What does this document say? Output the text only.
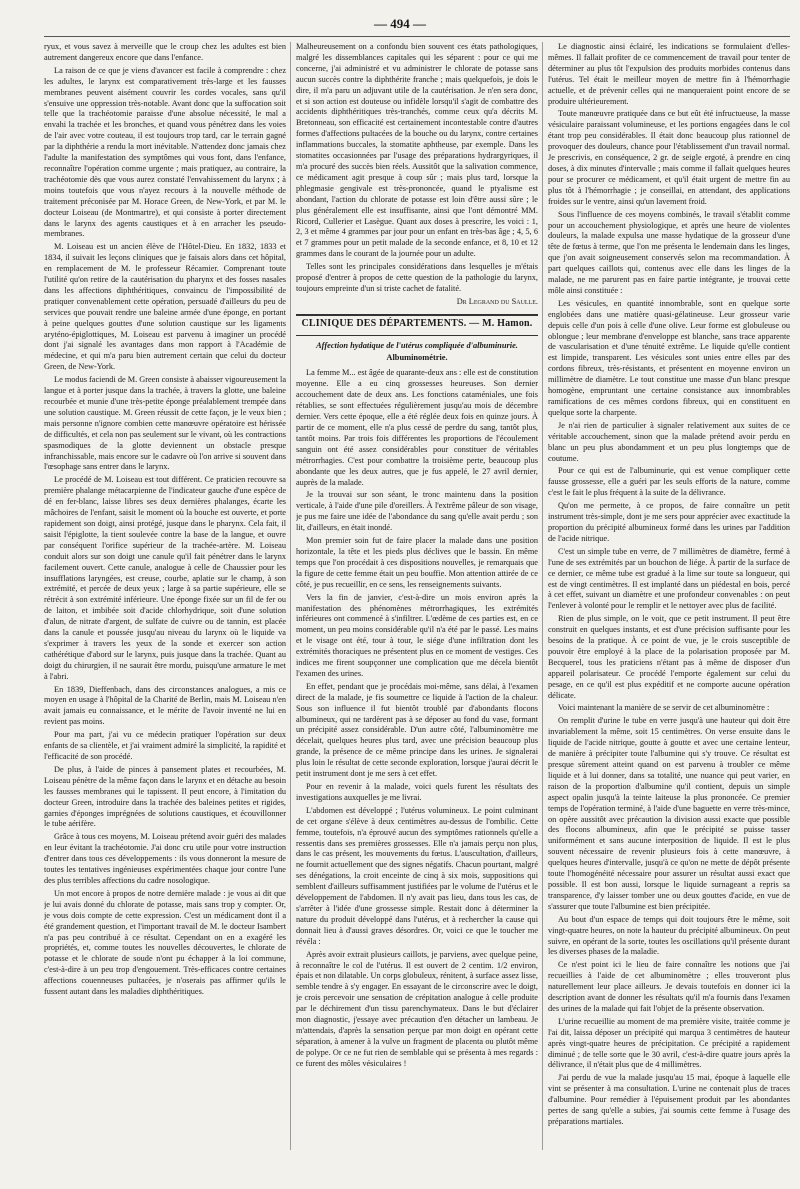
— 494 —

ryux, et vous savez à merveille que le croup chez les adultes est bien autrement dangereux encore que dans l'enfance.

La raison de ce que je viens d'avancer est facile à comprendre : chez les adultes, le larynx est comparativement très-large et les fausses membranes peuvent aisément couvrir les cordes vocales, sans qu'il s'ensuive une oppression très-notable. Avant donc que la suffocation soit telle que la trachéotomie paraisse d'une absolue nécessité, le mal a envahi la trachée et les bronches, et quand vous pénétrez dans les voies de l'air avec votre couteau, il est toujours trop tard, car le terrain gagné par la diphthérie a rendu la mort inévitable. N'attendez donc jamais chez l'adulte la manifestation des symptômes qui vous font, dans l'enfance, reconnaître l'opération comme urgente ; mais pratiquez, au contraire, la trachéotomie dès que vous aurez constaté l'envahissement du larynx ; à moins toutefois que vous n'ayez recours à la nouvelle méthode de traitement préconisée par M. Horace Green, de New-York, et par M. le docteur Loiseau (de Montmartre), et qui consiste à porter directement dans le larynx des agents caustiques et à en arracher les pseudo-membranes.

M. Loiseau est un ancien élève de l'Hôtel-Dieu. En 1832, 1833 et 1834, il suivait les leçons cliniques que je faisais alors dans cet hôpital, en remplacement de M. le professeur Récamier. Comprenant toute l'utilité qu'on retire de la cautérisation du pharynx et des fosses nasales dans les affections diphthéritiques, convaincu de l'impossibilité de pratiquer convenablement cette opération, persuadé d'ailleurs du peu de services que pouvait rendre une baleine armée d'une éponge, en portant à peine quelques gouttes d'une solution caustique sur les ligaments aryténo-épiglottiques, M. Loiseau est parvenu à imaginer un procédé dont j'ai signalé les avantages dans mon rapport à l'Académie de médecine, et qui m'a paru bien autrement certain que celui du docteur Green, de New-York.

Le modus faciendi de M. Green consiste à abaisser vigoureusement la langue et à porter jusque dans la trachée, à travers la glotte, une baleine recourbée et munie d'une très-petite éponge préalablement trempée dans une solution caustique. M. Green réussit de cette façon, je le veux bien ; mais personne n'ignore combien cette manœuvre opératoire est hérissée de difficultés, et cela non pas seulement sur le vivant, où les contractions spasmodiques de la glotte deviennent un obstacle presque infranchissable, mais encore sur le cadavre où l'on arrive si souvent dans l'œsophage sans entrer dans le larynx.

Le procédé de M. Loiseau est tout différent. Ce praticien recouvre sa première phalange métacarpienne de l'indicateur gauche d'une espèce de dé en fer-blanc, laisse libres ses deux dernières phalanges, écarte les mâchoires de l'enfant, saisit le moment où la bouche est ouverte, et porte rapidement son doigt, ainsi protégé, jusque dans le pharynx. Cela fait, il saisit l'épiglotte, la tient soulevée contre la base de la langue, et ouvre par conséquent l'orifice supérieur de la trachée-artère. M. Loiseau conduit alors sur son doigt une canule qu'il fait pénétrer dans le larynx facilement ouvert. Cette canule, analogue à celle de Chaussier pour les insufflations laryngées, est creuse, courbe, aplatie sur le champ, à son extrémité, et percée de deux yeux ; large à sa partie supérieure, elle se rétrécit à son extrémité inférieure. Une éponge fixée sur un fil de fer ou de laiton, et imbibée soit d'acide chlorhydrique, soit d'une solution d'alun, de nitrate d'argent, de sulfate de cuivre ou de tannin, est placée dans la canule et poussée jusqu'au niveau du larynx où le liquide va s'exprimer à travers les yeux de la sonde et exercer son action cathérétique d'abord sur le larynx, puis jusque dans la trachée. Quant au doigt du chirurgien, il ne saurait être mordu, puisqu'une armature le met à l'abri.

En 1839, Dieffenbach, dans des circonstances analogues, a mis ce moyen en usage à l'hôpital de la Charité de Berlin, mais M. Loiseau n'en avait jamais eu connaissance, et le mérite de l'avoir inventé ne lui en revient pas moins.

Pour ma part, j'ai vu ce médecin pratiquer l'opération sur deux enfants de sa clientèle, et j'ai vraiment admiré la simplicité, la rapidité et l'efficacité de son procédé.

De plus, à l'aide de pinces à pansement plates et recourbées, M. Loiseau pénètre de la même façon dans le larynx et en détache au besoin les fausses membranes qui le tapissent. Il peut encore, à l'imitation du docteur Green, introduire dans la trachée des baleines petites et rigides, garnies d'éponges imprégnées de solutions caustiques, et écouvillonner le tube aérifère.

Grâce à tous ces moyens, M. Loiseau prétend avoir guéri des malades en leur évitant la trachéotomie. J'ai donc cru utile pour votre instruction d'entrer dans tous ces développements : ils vous donneront la mesure de toutes les tentatives ingénieuses expérimentées chaque jour contre l'une des plus terribles affections du cadre nosologique.

Un mot encore à propos de notre dernière malade : je vous ai dit que je lui avais donné du chlorate de potasse, mais sans trop y compter. Or, je vous dois compte de cette expression. C'est un médicament dont il a été grandement question, et l'important travail de M. le docteur Isambert n'a pas peu contribué à ce résultat. Cependant on en a exagéré les propriétés, et, comme toutes les nouvelles découvertes, le chlorate de potasse et le chlorate de soude n'ont pu échapper à la loi commune, c'est-à-dire à un peu trop d'engouement. Très-efficaces contre certaines affections couenneuses pultacées, je n'oserais pas affirmer qu'ils le fussent autant dans les maladies diphthéritiques.

Malheureusement on a confondu bien souvent ces états pathologiques, malgré les dissemblances capitales qui les séparent : pour ce qui me concerne, j'ai administré et vu administrer le chlorate de potasse sans aucun succès contre la diphthérite franche ; mais quelquefois, je dois le dire, il m'a paru un adjuvant utile de la cautérisation. Je n'en sera donc, et si son action est douteuse ou infidèle lorsqu'il s'agit de combattre des accidents diphthéritiques très-tranchés, comme ceux qu'a décrits M. Bretonneau, son efficacité est certainement incontestable contre d'autres formes d'affections pultacées de la bouche ou du larynx, contre certaines inflammations buccales, la stomatite aphtheuse, par exemple. Dans les stomatites occasionnées par l'usage des préparations hydrargyriques, il m'a procuré des succès bien réels. Aussitôt que la salivation commence, ce médicament agit presque à coup sûr ; mais plus tard, lorsque la phlegmasie gengivale est très-prononcée, quand le ptyalisme est abondant, l'action du chlorate de potasse est loin d'être aussi sûre ; le plus généralement elle est insuffisante, ainsi que l'ont démontré MM. Ricord, Cullerier et Lasègue. Quant aux doses à prescrire, les voici : 1, 2, 3 et même 4 grammes par jour pour un enfant en très-bas âge ; 4, 5, 6 et 7 grammes pour un petit malade de la seconde enfance, et 8, 10 et 12 grammes dans le courant de la journée pour un adulte.

Telles sont les principales considérations dans lesquelles je m'étais proposé d'entrer à propos de cette question de la pathologie du larynx, toujours empreinte d'un si triste cachet de fatalité.

Dr Legrand du Saulle.

CLINIQUE DES DÉPARTEMENTS. — M. Hamon.
Affection hydatique de l'utérus compliquée d'albuminurie.
Albuminométrie.

La femme M... est âgée de quarante-deux ans : elle est de constitution moyenne. Elle a eu cinq grossesses heureuses. Son dernier accouchement date de deux ans. Les fonctions cataméniales, une fois rétablies, se sont effectuées régulièrement jusqu'au mois de décembre dernier. Vers cette époque, elle a été réglée deux fois en quinze jours. À partir de ce moment, elle n'a plus cessé de perdre du sang, tantôt plus, tantôt moins. Par trois fois différentes les proportions de l'écoulement sanguin ont été assez considérables pour constituer de véritables métrorrhagies. C'est pour combattre la troisième perte, beaucoup plus abondante que les deux autres, que je fus appelé, le 27 avril dernier, auprès de la malade.

Je la trouvai sur son séant, le tronc maintenu dans la position verticale, à l'aide d'une pile d'oreillers. À l'extrême pâleur de son visage, je pus me faire une idée de l'abondance du sang qu'elle avait perdu ; son lit, d'ailleurs, en était inondé.

Mon premier soin fut de faire placer la malade dans une position horizontale, la tête et les pieds plus déclives que le bassin. En même temps que l'on procédait à ces dispositions nouvelles, je remarquais que la figure de cette femme était un peu bouffie. Mon attention attirée de ce côté, je pus recueillir, en ce sens, les renseignements suivants.

Vers la fin de janvier, c'est-à-dire un mois environ après la manifestation des phénomènes métrorrhagiques, les extrémités inférieures ont commencé à s'infiltrer. L'œdème de ces parties est, en ce moment, un peu moins considérable qu'il n'a été par le passé. Les mains et le visage ont été, tour à tour, le siége d'une infiltration dont les extrémités thoraciques ne présentent plus en ce moment de vestiges. Ces indices me firent soupçonner une complication que me décela bientôt l'examen des urines.

En effet, pendant que je procédais moi-même, sans délai, à l'examen direct de la malade, je fis soumettre ce liquide à l'action de la chaleur. Sous son influence il fut bientôt troublé par d'abondants flocons albumineux, qui ne tardèrent pas à se déposer au fond du vase, formant un précipité assez considérable. D'un autre côté, l'albuminomètre me décelait, quelques heures plus tard, avec une précision beaucoup plus grande, la présence de ce même principe dans les urines. Je signalerai plus loin le résultat de cette seconde exploration, lorsque j'aurai décrit le petit instrument dont je me sers à cet effet.

Pour en revenir à la malade, voici quels furent les résultats des investigations auxquelles je me livrai.

L'abdomen est développé ; l'utérus volumineux. Le point culminant de cet organe s'élève à deux centimètres au-dessus de l'ombilic. Cette femme, toutefois, n'a éprouvé aucun des symptômes rationnels qu'elle a ressentis dans ses premières grossesses. Elle n'a jamais perçu non plus, dans le cas présent, les mouvements du fœtus. L'auscultation, d'ailleurs, ne fournit actuellement que des signes négatifs. Chacun pourtant, malgré ses dénégations, la croit enceinte de cinq à six mois, suppositions qui semblent d'ailleurs suffisamment justifiées par le volume de l'utérus et le développement de l'abdomen. Il n'y avait pas lieu, dans tous les cas, de s'arrêter à l'idée d'une grossesse simple. Restait donc à déterminer la nature du produit développé dans l'utérus, et à rechercher la cause qui donnait lieu à d'aussi graves désordres. Or, voici ce que le toucher me révéla :

Après avoir extrait plusieurs caillots, je parviens, avec quelque peine, à reconnaître le col de l'utérus. Il est ouvert de 2 centim. 1/2 environ, épais et non dilatable. Un corps globuleux, rénitent, à surface assez lisse, semble tendre à s'y engager. En essayant de le circonscrire avec le doigt, je crois percevoir une sensation de crépitation analogue à celle produite par le déchirement d'un tissu parenchymateux. Dans le but d'éclairer mon diagnostic, j'essaye avec précaution d'en détacher un lambeau. Je m'attendais, d'après la sensation perçue par mon doigt en opérant cette séparation, à amener à la vulve un fragment de placenta ou plutôt même de polype. Or ce ne fut rien de semblable qui se présenta à mes regards : ce furent des môles vésiculaires !

Le diagnostic ainsi éclairé, les indications se formulaient d'elles-mêmes. Il fallait profiter de ce commencement de travail pour tenter de déterminer au plus tôt l'expulsion des produits morbides contenus dans l'utérus. Tel était le meilleur moyen de mettre fin à l'hémorrhagie actuelle, et de prévenir celles qui ne manqueraient point encore de se produire ultérieurement.

Toute manœuvre pratiquée dans ce but eût été infructueuse, la masse vésiculaire paraissant volumineuse, et les portions engagées dans le col étant trop peu considérables. Il était donc beaucoup plus rationnel de provoquer des douleurs, chance pour l'établissement d'un travail normal. Je prescrivis, en conséquence, 2 gr. de seigle ergoté, à prendre en cinq doses, à dix minutes d'intervalle ; mais comme il fallait quelques heures pour se procurer ce médicament, et qu'il était urgent de mettre fin au plus tôt à l'hémorrhagie ; je conseillai, en attendant, des applications froides sur le ventre, ainsi qu'un lavement froid.

Sous l'influence de ces moyens combinés, le travail s'établit comme pour un accouchement physiologique, et après une heure de violentes douleurs, la malade expulsa une masse hydatique de la grosseur d'une tête de fœtus à terme, que l'on me présenta le lendemain dans les linges, que j'on avait soigneusement conservés selon ma recommandation. À part quelques caillots qui, contenus avec elle dans les linges de la malade, ne me parurent pas en faire partie intégrante, je trouvai cette môle ainsi constituée :

Les vésicules, en quantité innombrable, sont en quelque sorte englobées dans une matière quasi-gélatineuse. Leur grosseur varie depuis celle d'un pois à celle d'une olive. Leur forme est globuleuse ou oblongue ; leur membrane d'enveloppe est blanche, sans trace apparente de vascularisation et d'une ténuité extrême. Le liquide qu'elle contient est limpide, transparent. Les vésicules sont unies entre elles par des cordons fibreux, très-résistants, et présentent en moyenne environ un millimètre de diamètre. Le tout constitue une masse d'un blanc presque homogène, empruntant une certaine consistance aux innombrables ramifications de ces mêmes cordons fibreux, qui en constituent en quelque sorte la charpente.

Je n'ai rien de particulier à signaler relativement aux suites de ce véritable accouchement, sinon que la malade prétend avoir perdu en blanc un peu plus abondamment et un peu plus longtemps que de coutume.

Pour ce qui est de l'albuminurie, qui est venue compliquer cette fausse grossesse, elle a guéri par les seuls efforts de la nature, comme c'est le fait le plus fréquent à la suite de la délivrance.

Qu'on me permette, à ce propos, de faire connaître un petit instrument très-simple, dont je me sers pour apprécier avec exactitude la proportion du précipité albumineux formé dans les urines par l'addition de l'acide nitrique.

C'est un simple tube en verre, de 7 millimètres de diamètre, fermé à l'une de ses extrémités par un bouchon de liége. À partir de la surface de ce dernier, ce même tube est gradué à la lime sur toute sa longueur, qui est de vingt centimètres. Il est implanté dans un piédestal en bois, percé à cet effet, suivant un diamètre et une profondeur convenables : on peut l'enlever à volonté pour le remplir et le nettoyer avec plus de facilité.

Rien de plus simple, on le voit, que ce petit instrument. Il peut être construit en quelques instants, et est d'une précision suffisante pour les besoins de la pratique. À ce point de vue, je le crois susceptible de pouvoir être employé à la place de la polarisation proposée par M. Becquerel, tous les praticiens n'étant pas à même de disposer d'un appareil polarisateur. Ce procédé l'emporte également sur celui du pesage, en ce qu'il est plus expéditif et ne comporte aucune opération délicate.

Voici maintenant la manière de se servir de cet albuminomètre :

On remplit d'urine le tube en verre jusqu'à une hauteur qui doit être invariablement la même, soit 15 centimètres. On verse ensuite dans le liquide de l'acide nitrique, goutte à goutte et avec une certaine lenteur, de manière à précipiter toute l'albumine qui s'y trouve. Ce résultat est presque sûrement atteint quand on est parvenu à troubler ce même liquide et à lui donner, dans sa totalité, une nuance qui peut varier, en raison de la proportion d'albumine qu'il contient, depuis un simple aspect opalin jusqu'à la teinte laiteuse la plus prononcée. Ce premier temps de l'opération terminé, à l'aide d'une baguette en verre très-mince, on opère aussitôt avec précaution la division aussi exacte que possible des flocons albumineux, afin que le précipité se puisse tasser uniformément et sans aucune interposition de liquide. Il est le plus souvent nécessaire de revenir plusieurs fois à cette manœuvre, à quelques heures d'intervalle, jusqu'à ce qu'on ne mette de dépôt présente toute l'homogénéité nécessaire pour assurer un résultat aussi exact que possible. Il est bon aussi, lorsque le liquide surnageant a repris sa transparence, d'y laisser tomber une ou deux gouttes d'acide, en vue de s'assurer que toute l'albumine est bien précipitée.

Au bout d'un espace de temps qui doit toujours être le même, soit vingt-quatre heures, on note la hauteur du précipité albumineux. On peut suivre, en opérant de la sorte, toutes les oscillations qu'il présente durant les diverses phases de la maladie.

Ce n'est point ici le lieu de faire connaître les notions que j'ai recueillies à l'aide de cet albuminomètre ; elles trouveront plus naturellement leur place ailleurs. Je devais toutefois en donner ici la description avant de donner les résultats qu'il m'a fournis dans l'examen des urines de la malade qui fait l'objet de la présente observation.

L'urine recueillie au moment de ma première visite, traitée comme je l'ai dit, laissa déposer un précipité qui marqua 3 centimètres de hauteur après vingt-quatre heures de précipitation. Ce précipité a rapidement diminué ; de telle sorte que le 30 avril, c'est-à-dire quatre jours après la délivrance, il n'était plus que de 4 millimètres.

J'ai perdu de vue la malade jusqu'au 15 mai, époque à laquelle elle vint se présenter à ma consultation. L'urine ne contenait plus de traces d'albumine. Pour remédier à l'épuisement produit par les abondantes pertes de sang qu'elle a subies, j'ai soumis cette femme à l'usage des préparations martiales.
